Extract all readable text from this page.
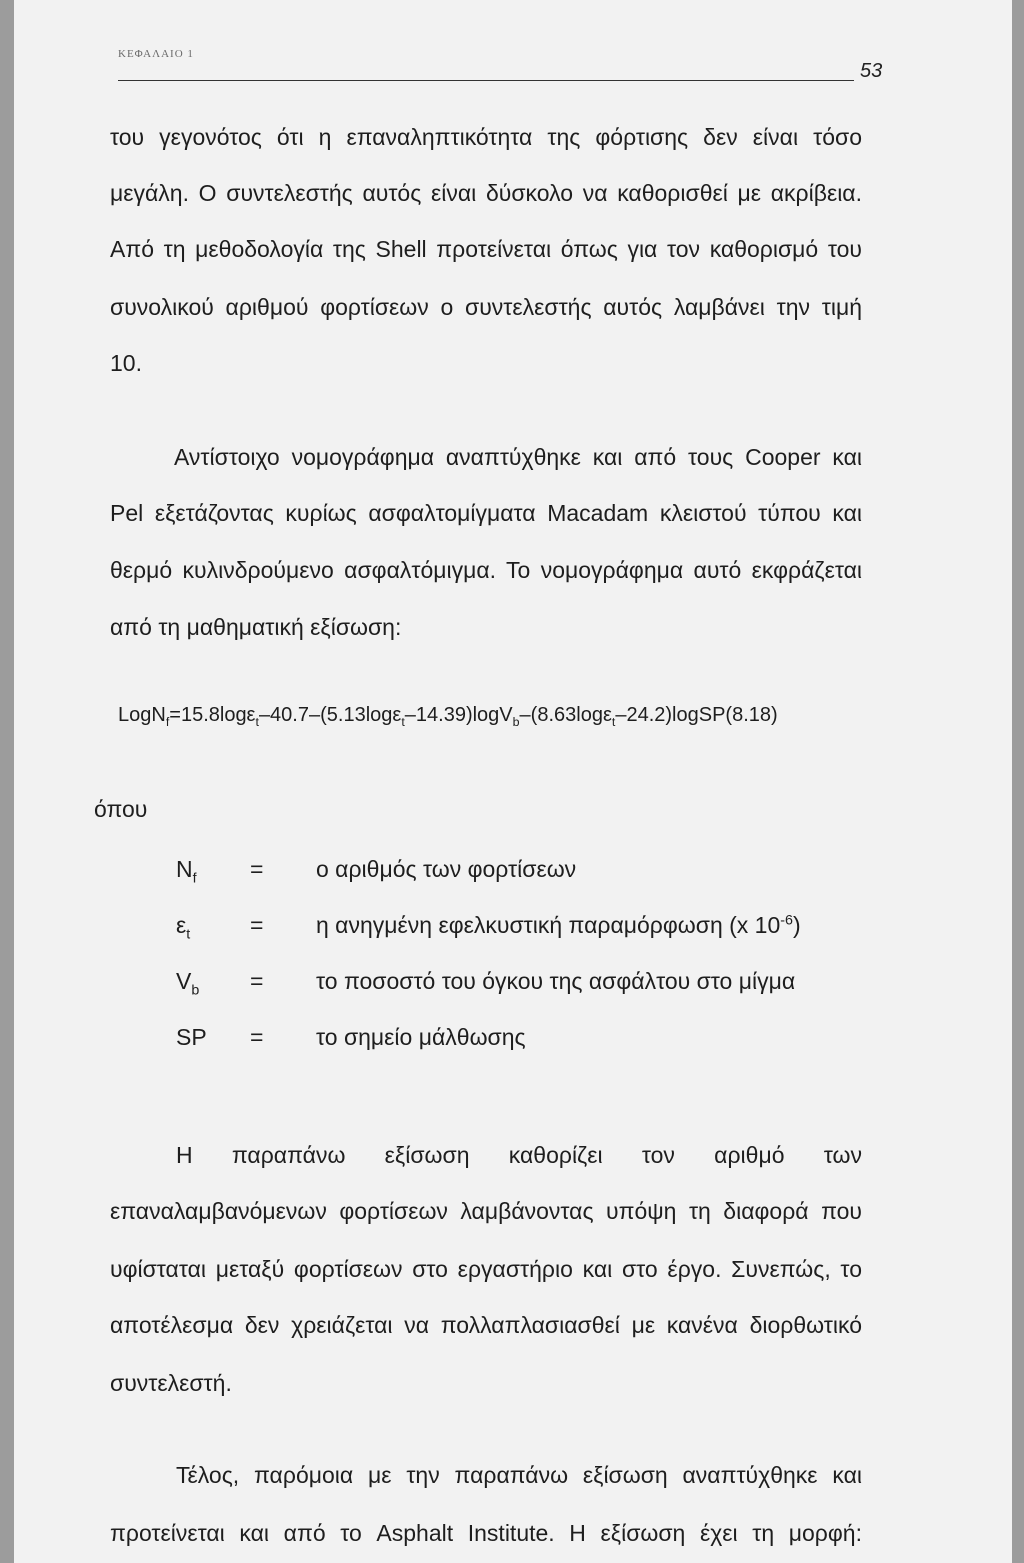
ΚΕΦΑΛΑΙΟ 1
53
του γεγονότος ότι η επαναληπτικότητα της φόρτισης δεν είναι τόσο
μεγάλη. Ο συντελεστής αυτός είναι δύσκολο να καθορισθεί με ακρίβεια.
Από τη μεθοδολογία της Shell προτείνεται όπως για τον καθορισμό του
συνολικού αριθμού φορτίσεων ο συντελεστής αυτός λαμβάνει την τιμή
10.
Αντίστοιχο νομογράφημα αναπτύχθηκε και από τους Cooper και
Pel εξετάζοντας κυρίως ασφαλτομίγματα Macadam κλειστού τύπου και
θερμό κυλινδρούμενο ασφαλτόμιγμα. Το νομογράφημα αυτό εκφράζεται
από τη μαθηματική εξίσωση:
LogN$_f$=15.8logε$_t$–40.7–(5.13logε$_t$–14.39)logV$_b$–(8.63logε$_t$–24.2)logSP(8.18)
όπου
$N_f = o$ αριθμός των φορτίσεων
$\varepsilon_t$	= η ανηγμένη εφελκυστική παραμόρφωση (x $10^{-6}$)
$V_b = \tau o$ ποσοστό του όγκου της ασφάλτου στο μίγμα
SP = το σημείο μάλθωσης
Η παραπάνω εξίσωση καθορίζει τον αριθμό των
επαναλαμβανόμενων φορτίσεων λαμβάνοντας υπόψη τη διαφορά που
υφίσταται μεταξύ φορτίσεων στο εργαστήριο και στο έργο. Συνεπώς, το
αποτέλεσμα δεν χρειάζεται να πολλαπλασιασθεί με κανένα διορθωτικό
συντελεστή.
Τέλος, παρόμοια με την παραπάνω εξίσωση αναπτύχθηκε και
προτείνεται και από το Asphalt Institute. Η εξίσωση έχει τη μορφή:
